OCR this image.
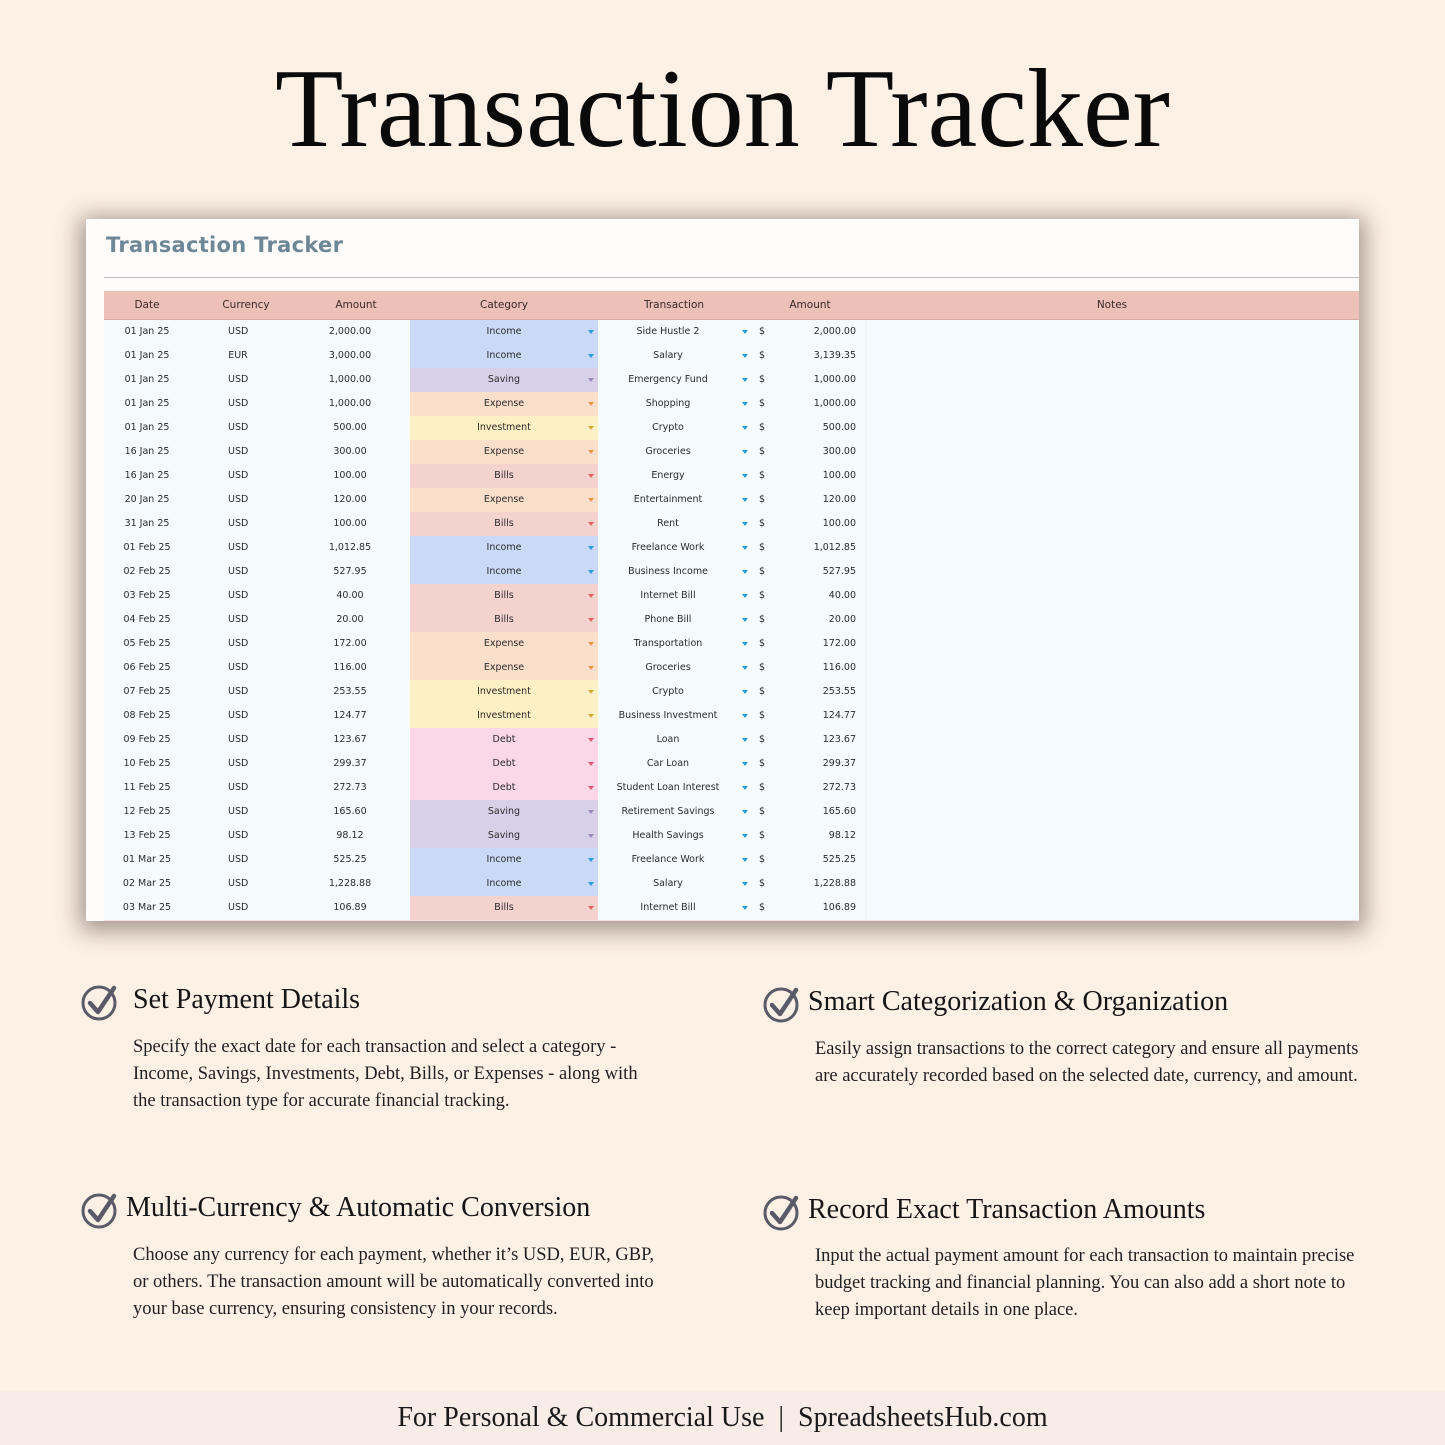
Transaction Tracker
Transaction Tracker
Date	Currency	Amount	Category	Transaction	Amount	Notes
01 Jan 25	USD	2,000.00	Income	Side Hustle 2	$	2,000.00
01 Jan 25	EUR	3,000.00	Income	Salary	$	3,139.35
01 Jan 25	USD	1,000.00	Saving	Emergency Fund	$	1,000.00
01 Jan 25	USD	1,000.00	Expense	Shopping	$	1,000.00
01 Jan 25	USD	500.00	Investment	Crypto	$	500.00
16 Jan 25	USD	300.00	Expense	Groceries	$	300.00
16 Jan 25	USD	100.00	Bills	Energy	$	100.00
20 Jan 25	USD	120.00	Expense	Entertainment	$	120.00
31 Jan 25	USD	100.00	Bills	Rent	$	100.00
01 Feb 25	USD	1,012.85	Income	Freelance Work	$	1,012.85
02 Feb 25	USD	527.95	Income	Business Income	$	527.95
03 Feb 25	USD	40.00	Bills	Internet Bill	$	40.00
04 Feb 25	USD	20.00	Bills	Phone Bill	$	20.00
05 Feb 25	USD	172.00	Expense	Transportation	$	172.00
06 Feb 25	USD	116.00	Expense	Groceries	$	116.00
07 Feb 25	USD	253.55	Investment	Crypto	$	253.55
08 Feb 25	USD	124.77	Investment	Business Investment	$	124.77
09 Feb 25	USD	123.67	Debt	Loan	$	123.67
10 Feb 25	USD	299.37	Debt	Car Loan	$	299.37
11 Feb 25	USD	272.73	Debt	Student Loan Interest	$	272.73
12 Feb 25	USD	165.60	Saving	Retirement Savings	$	165.60
13 Feb 25	USD	98.12	Saving	Health Savings	$	98.12
01 Mar 25	USD	525.25	Income	Freelance Work	$	525.25
02 Mar 25	USD	1,228.88	Income	Salary	$	1,228.88
03 Mar 25	USD	106.89	Bills	Internet Bill	$	106.89
Set Payment Details
Specify the exact date for each transaction and select a category - Income, Savings, Investments, Debt, Bills, or Expenses - along with the transaction type for accurate financial tracking.
Smart Categorization & Organization
Easily assign transactions to the correct category and ensure all payments are accurately recorded based on the selected date, currency, and amount.
Multi-Currency & Automatic Conversion
Choose any currency for each payment, whether it’s USD, EUR, GBP, or others. The transaction amount will be automatically converted into your base currency, ensuring consistency in your records.
Record Exact Transaction Amounts
Input the actual payment amount for each transaction to maintain precise budget tracking and financial planning. You can also add a short note to keep important details in one place.
For Personal & Commercial Use | SpreadsheetsHub.com
